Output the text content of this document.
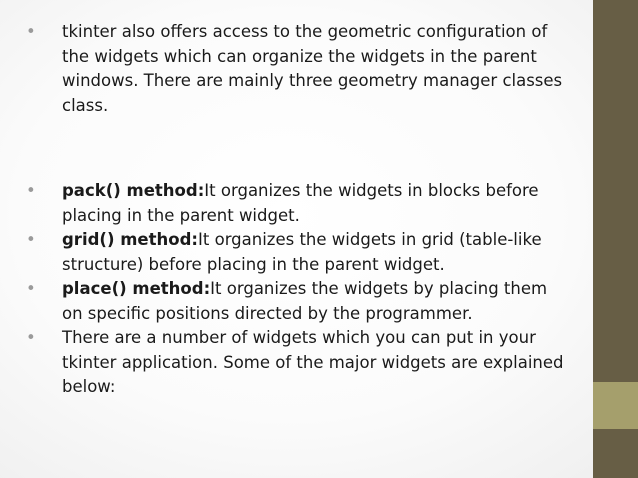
• tkinter also offers access to the geometric configuration of the widgets which can organize the widgets in the parent windows. There are mainly three geometry manager classes class.
• pack() method:It organizes the widgets in blocks before placing in the parent widget.
• grid() method:It organizes the widgets in grid (table-like structure) before placing in the parent widget.
• place() method:It organizes the widgets by placing them on specific positions directed by the programmer.
• There are a number of widgets which you can put in your tkinter application. Some of the major widgets are explained below:
